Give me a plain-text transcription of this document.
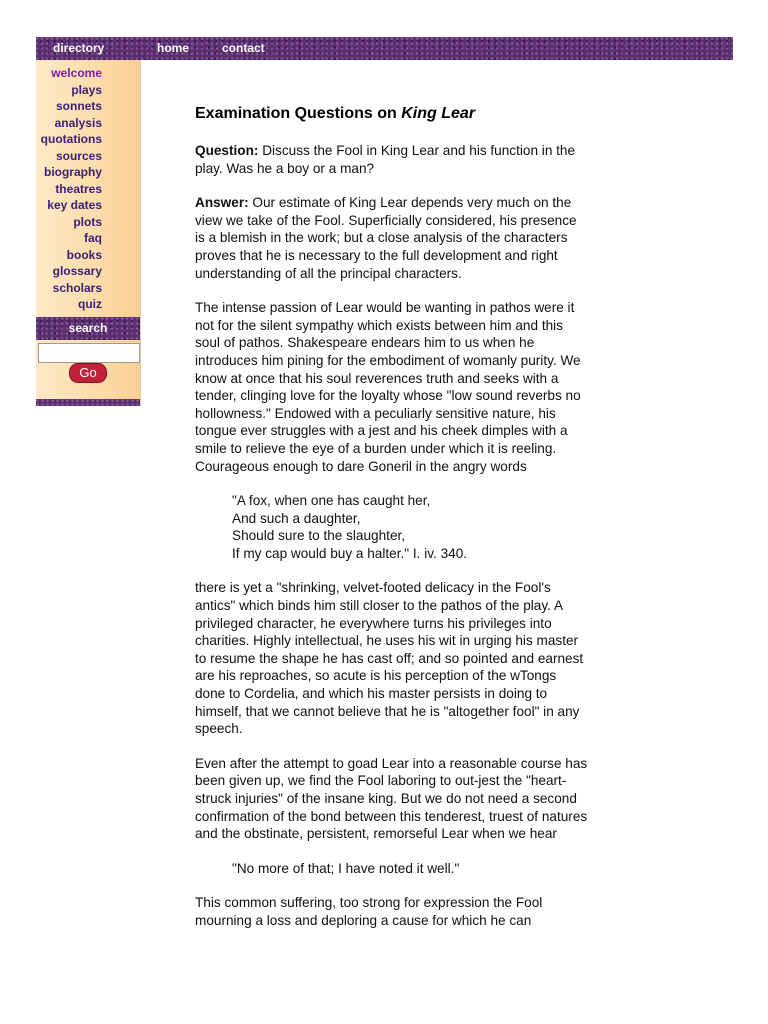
directory	home	contact
welcome
plays
sonnets
analysis
quotations
sources
biography
theatres
key dates
plots
faq
books
glossary
scholars
quiz
search
Go
Examination Questions on King Lear

Question: Discuss the Fool in King Lear and his function in the play. Was he a boy or a man?

Answer: Our estimate of King Lear depends very much on the view we take of the Fool. Superficially considered, his presence is a blemish in the work; but a close analysis of the characters proves that he is necessary to the full development and right understanding of all the principal characters.

The intense passion of Lear would be wanting in pathos were it not for the silent sympathy which exists between him and this soul of pathos. Shakespeare endears him to us when he introduces him pining for the embodiment of womanly purity. We know at once that his soul reverences truth and seeks with a tender, clinging love for the loyalty whose "low sound reverbs no hollowness." Endowed with a peculiarly sensitive nature, his tongue ever struggles with a jest and his cheek dimples with a smile to relieve the eye of a burden under which it is reeling. Courageous enough to dare Goneril in the angry words

"A fox, when one has caught her,
And such a daughter,
Should sure to the slaughter,
If my cap would buy a halter." I. iv. 340.

there is yet a "shrinking, velvet-footed delicacy in the Fool's antics" which binds him still closer to the pathos of the play. A privileged character, he everywhere turns his privileges into charities. Highly intellectual, he uses his wit in urging his master to resume the shape he has cast off; and so pointed and earnest are his reproaches, so acute is his perception of the wTongs done to Cordelia, and which his master persists in doing to himself, that we cannot believe that he is "altogether fool" in any speech.

Even after the attempt to goad Lear into a reasonable course has been given up, we find the Fool laboring to out-jest the "heart- struck injuries" of the insane king. But we do not need a second confirmation of the bond between this tenderest, truest of natures and the obstinate, persistent, remorseful Lear when we hear

"No more of that; I have noted it well."

This common suffering, too strong for expression the Fool mourning a loss and deploring a cause for which he can
